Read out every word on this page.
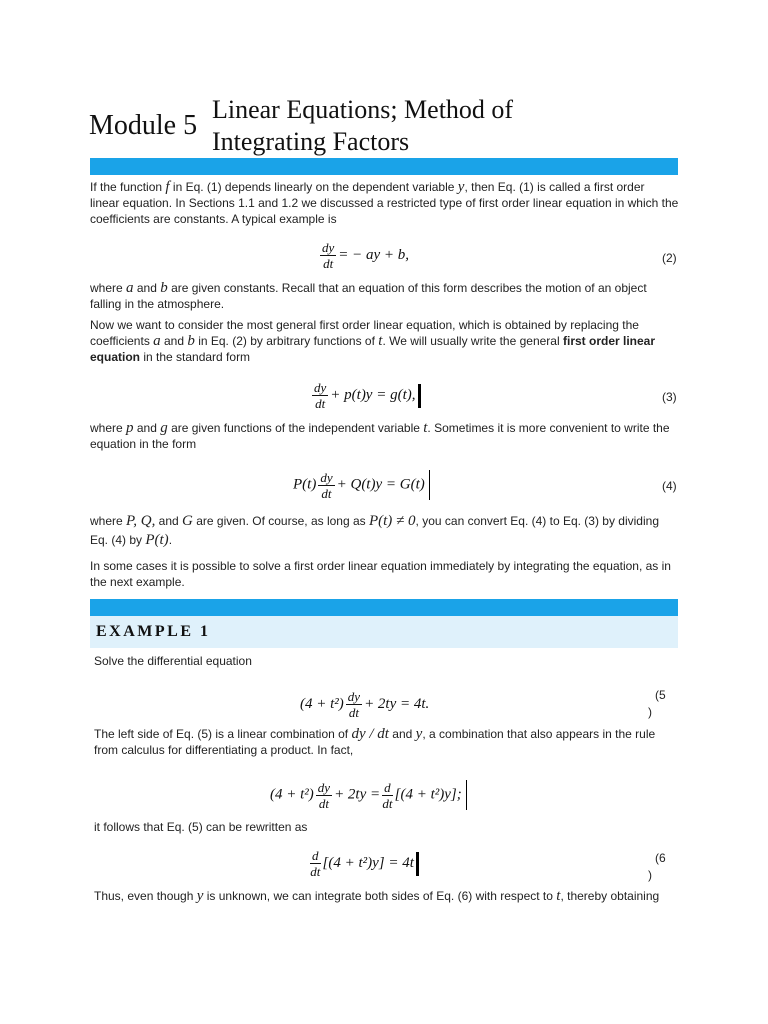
Module 5
Linear Equations; Method of
Integrating Factors
If the function f in Eq. (1) depends linearly on the dependent variable y, then Eq. (1) is called a first order
linear equation. In Sections 1.1 and 1.2 we discussed a restricted type of first order linear equation in which the
coefficients are constants. A typical example is
$\frac{dy}{dt}$ = − ay + b,	(2)
where a and b are given constants. Recall that an equation of this form describes the motion of an object
falling in the atmosphere.
Now we want to consider the most general first order linear equation, which is obtained by replacing the
coefficients a and b in Eq. (2) by arbitrary functions of t. We will usually write the general first order linear
equation in the standard form
$\frac{dy}{dt} + p(t)y = g(t)$,	(3)
where p and g are given functions of the independent variable t. Sometimes it is more convenient to write the
equation in the form
$P(t) \frac{dy}{dt} + Q(t)y = G(t)$	(4)
where P, Q, and G are given. Of course, as long as P(t) ≠ 0, you can convert Eq. (4) to Eq. (3) by dividing
Eq. (4) by P(t).
In some cases it is possible to solve a first order linear equation immediately by integrating the equation, as in
the next example.
EXAMPLE 1
Solve the differential equation
$(4 + t^2) \frac{dy}{dt} + 2ty = 4t$.
(5
)
The left side of Eq. (5) is a linear combination of dy / dt and y, a combination that also appears in the rule
from calculus for differentiating a product. In fact,
$(4 + t^2) \frac{dy}{dt} + 2ty = \frac{d}{dt} [(4 + t^2)y]$;
it follows that Eq. (5) can be rewritten as
$\frac{d}{dt} [(4 + t^2)y] = 4t$	(6
)
Thus, even though y is unknown, we can integrate both sides of Eq. (6) with respect to t, thereby obtaining
